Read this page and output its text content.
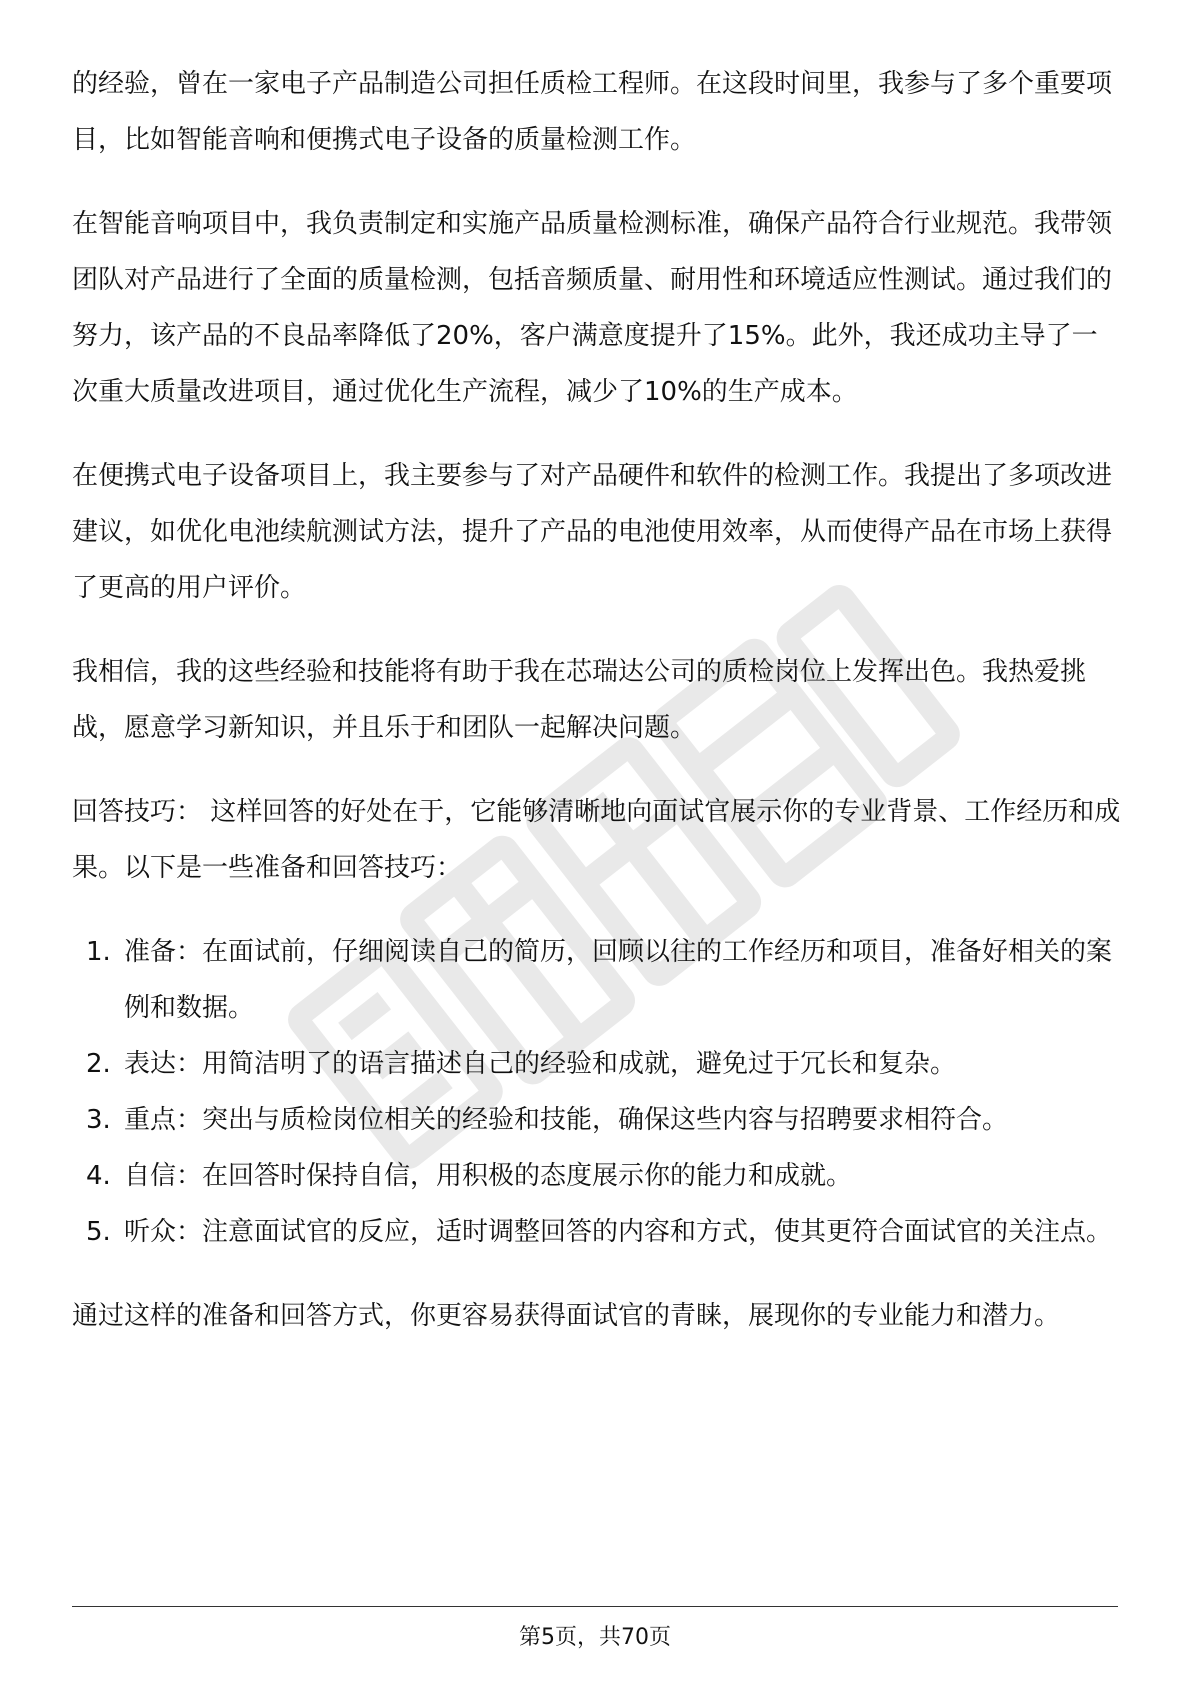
的经验，曾在一家电子产品制造公司担任质检工程师。在这段时间里，我参与了多个重要项目，比如智能音响和便携式电子设备的质量检测工作。

在智能音响项目中，我负责制定和实施产品质量检测标准，确保产品符合行业规范。我带领团队对产品进行了全面的质量检测，包括音频质量、耐用性和环境适应性测试。通过我们的努力，该产品的不良品率降低了20%，客户满意度提升了15%。此外，我还成功主导了一次重大质量改进项目，通过优化生产流程，减少了10%的生产成本。

在便携式电子设备项目上，我主要参与了对产品硬件和软件的检测工作。我提出了多项改进建议，如优化电池续航测试方法，提升了产品的电池使用效率，从而使得产品在市场上获得了更高的用户评价。

我相信，我的这些经验和技能将有助于我在芯瑞达公司的质检岗位上发挥出色。我热爱挑战，愿意学习新知识，并且乐于和团队一起解决问题。

回答技巧： 这样回答的好处在于，它能够清晰地向面试官展示你的专业背景、工作经历和成果。以下是一些准备和回答技巧：

1. 准备：在面试前，仔细阅读自己的简历，回顾以往的工作经历和项目，准备好相关的案例和数据。
2. 表达：用简洁明了的语言描述自己的经验和成就，避免过于冗长和复杂。
3. 重点：突出与质检岗位相关的经验和技能，确保这些内容与招聘要求相符合。
4. 自信：在回答时保持自信，用积极的态度展示你的能力和成就。
5. 听众：注意面试官的反应，适时调整回答的内容和方式，使其更符合面试官的关注点。

通过这样的准备和回答方式，你更容易获得面试官的青睐，展现你的专业能力和潜力。

第5页，共70页
